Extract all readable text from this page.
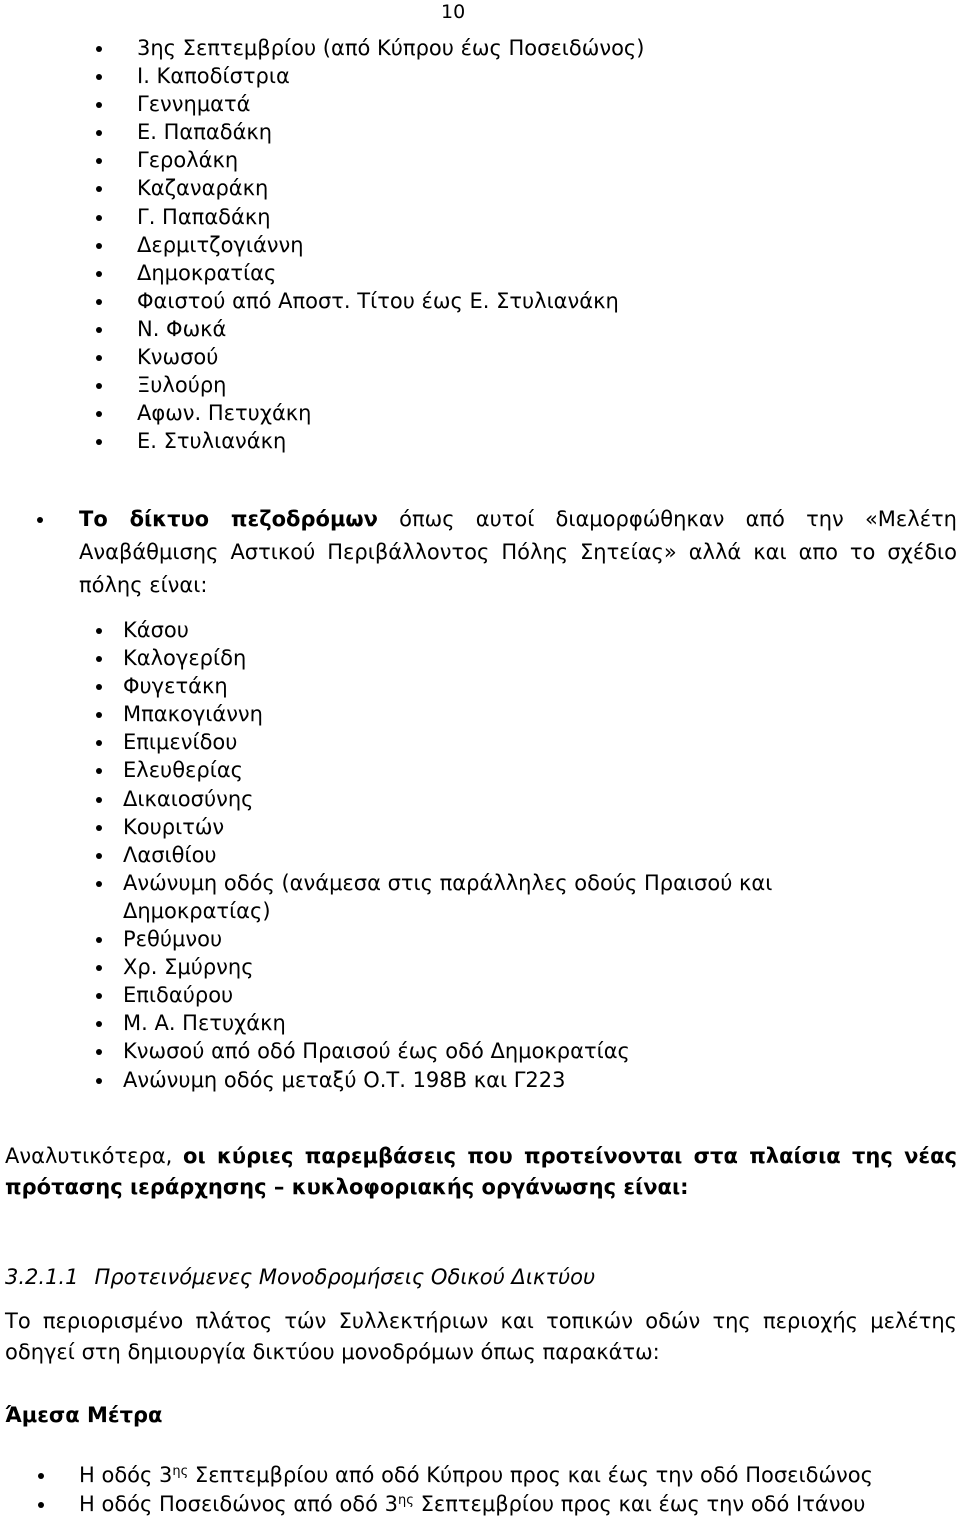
10
3ης Σεπτεμβρίου (από Κύπρου έως Ποσειδώνος)
Ι. Καποδίστρια
Γεννηματά
Ε. Παπαδάκη
Γερολάκη
Καζαναράκη
Γ. Παπαδάκη
Δερμιτζογιάννη
Δημοκρατίας
Φαιστού από Αποστ. Τίτου έως Ε. Στυλιανάκη
Ν. Φωκά
Κνωσού
Ξυλούρη
Αφων. Πετυχάκη
Ε. Στυλιανάκη

Το δίκτυο πεζοδρόμων όπως αυτοί διαμορφώθηκαν από την «Μελέτη Αναβάθμισης Αστικού Περιβάλλοντος Πόλης Σητείας» αλλά και απο το σχέδιο πόλης είναι:

Κάσου
Καλογερίδη
Φυγετάκη
Μπακογιάννη
Επιμενίδου
Ελευθερίας
Δικαιοσύνης
Κουριτών
Λασιθίου
Ανώνυμη οδός (ανάμεσα στις παράλληλες οδούς Πραισού και Δημοκρατίας)
Ρεθύμνου
Χρ. Σμύρνης
Επιδαύρου
Μ. Α. Πετυχάκη
Κνωσού από οδό Πραισού έως οδό Δημοκρατίας
Ανώνυμη οδός μεταξύ Ο.Τ. 198Β και Γ223

Αναλυτικότερα, οι κύριες παρεμβάσεις που προτείνονται στα πλαίσια της νέας πρότασης ιεράρχησης – κυκλοφοριακής οργάνωσης είναι:

3.2.1.1 Προτεινόμενες Μονοδρομήσεις Οδικού Δικτύου

Το περιορισμένο πλάτος τών Συλλεκτήριων και τοπικών οδών της περιοχής μελέτης οδηγεί στη δημιουργία δικτύου μονοδρόμων όπως παρακάτω:

Άμεσα Μέτρα
Η οδός $3^{\eta\varsigma}$ Σεπτεμβρίου από οδό Κύπρου προς και έως την οδό Ποσειδώνος
Η οδός Ποσειδώνος από οδό $3^{\eta\varsigma}$ Σεπτεμβρίου προς και έως την οδό Ιτάνου
